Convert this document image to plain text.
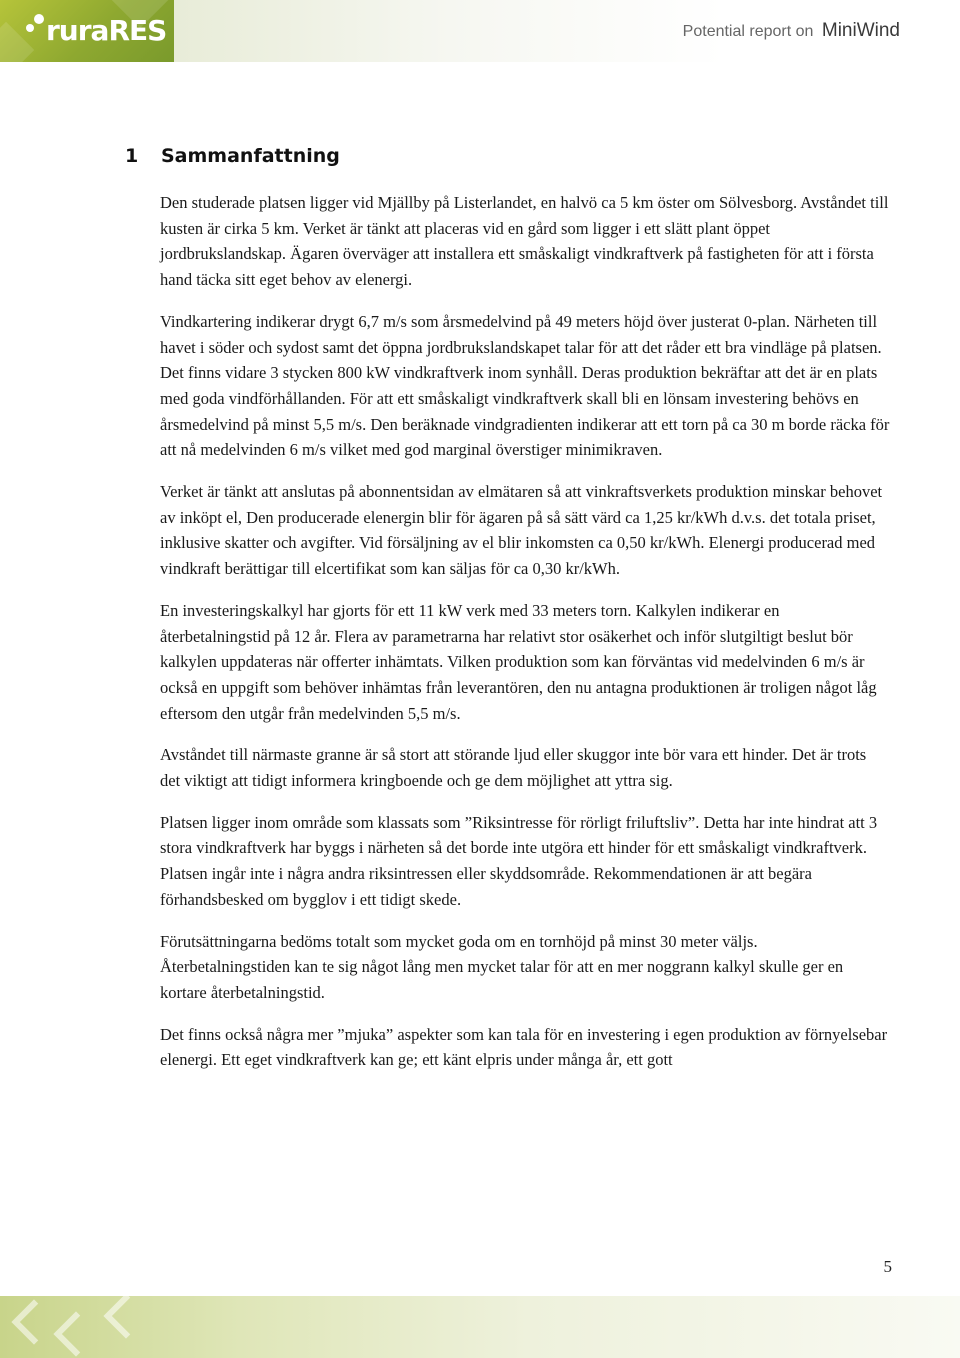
ruraRES	Potential report on MiniWind
1 Sammanfattning

Den studerade platsen ligger vid Mjällby på Listerlandet, en halvö ca 5 km öster om Sölvesborg. Avståndet till kusten är cirka 5 km. Verket är tänkt att placeras vid en gård som ligger i ett slätt plant öppet jordbrukslandskap. Ägaren överväger att installera ett småskaligt vindkraftverk på fastigheten för att i första hand täcka sitt eget behov av elenergi.

Vindkartering indikerar drygt 6,7 m/s som årsmedelvind på 49 meters höjd över justerat 0-plan. Närheten till havet i söder och sydost samt det öppna jordbrukslandskapet talar för att det råder ett bra vindläge på platsen. Det finns vidare 3 stycken 800 kW vindkraftverk inom synhåll. Deras produktion bekräftar att det är en plats med goda vindförhållanden. För att ett småskaligt vindkraftverk skall bli en lönsam investering behövs en årsmedelvind på minst 5,5 m/s. Den beräknade vindgradienten indikerar att ett torn på ca 30 m borde räcka för att nå medelvinden 6 m/s vilket med god marginal överstiger minimikraven.

Verket är tänkt att anslutas på abonnentsidan av elmätaren så att vinkraftsverkets produktion minskar behovet av inköpt el, Den producerade elenergin blir för ägaren på så sätt värd ca 1,25 kr/kWh d.v.s. det totala priset, inklusive skatter och avgifter. Vid försäljning av el blir inkomsten ca 0,50 kr/kWh. Elenergi producerad med vindkraft berättigar till elcertifikat som kan säljas för ca 0,30 kr/kWh.

En investeringskalkyl har gjorts för ett 11 kW verk med 33 meters torn. Kalkylen indikerar en återbetalningstid på 12 år. Flera av parametrarna har relativt stor osäkerhet och inför slutgiltigt beslut bör kalkylen uppdateras när offerter inhämtats. Vilken produktion som kan förväntas vid medelvinden 6 m/s är också en uppgift som behöver inhämtas från leverantören, den nu antagna produktionen är troligen något låg eftersom den utgår från medelvinden 5,5 m/s.

Avståndet till närmaste granne är så stort att störande ljud eller skuggor inte bör vara ett hinder. Det är trots det viktigt att tidigt informera kringboende och ge dem möjlighet att yttra sig.

Platsen ligger inom område som klassats som ”Riksintresse för rörligt friluftsliv”. Detta har inte hindrat att 3 stora vindkraftverk har byggs i närheten så det borde inte utgöra ett hinder för ett småskaligt vindkraftverk. Platsen ingår inte i några andra riksintressen eller skyddsområde. Rekommendationen är att begära förhandsbesked om bygglov i ett tidigt skede.

Förutsättningarna bedöms totalt som mycket goda om en tornhöjd på minst 30 meter väljs. Återbetalningstiden kan te sig något lång men mycket talar för att en mer noggrann kalkyl skulle ger en kortare återbetalningstid.

Det finns också några mer ”mjuka” aspekter som kan tala för en investering i egen produktion av förnyelsebar elenergi. Ett eget vindkraftverk kan ge; ett känt elpris under många år, ett gott

5
